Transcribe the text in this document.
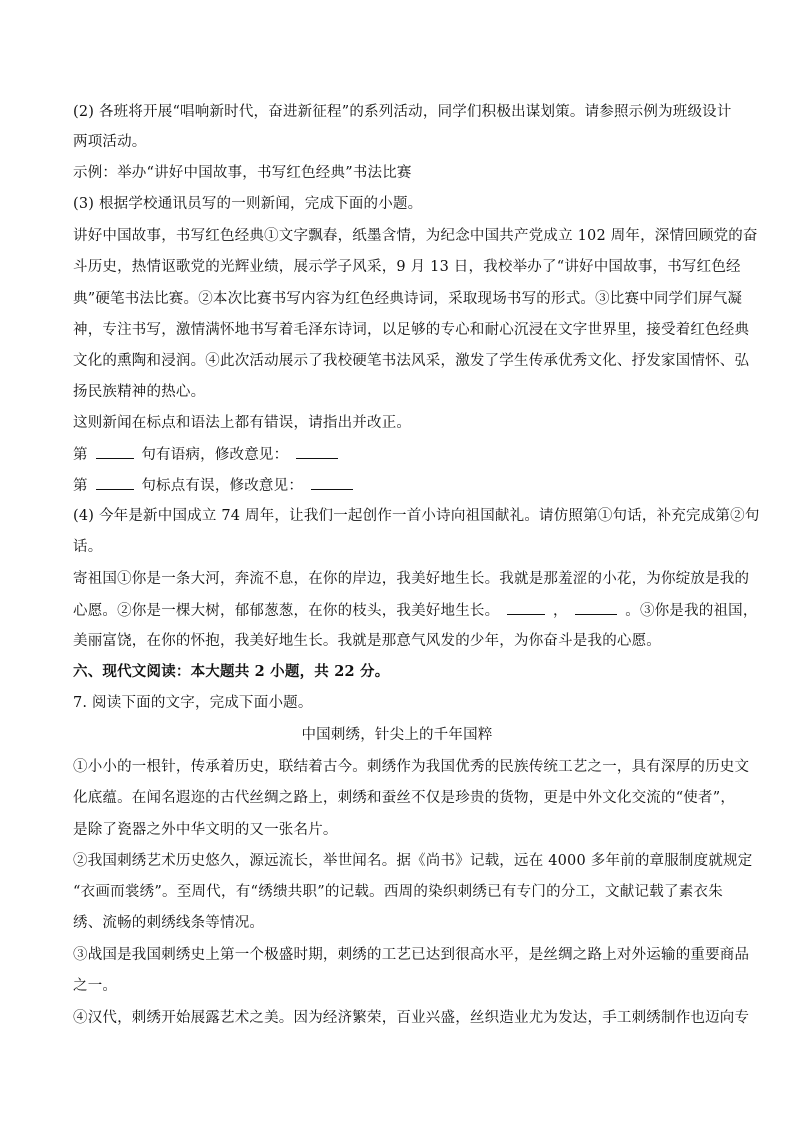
(2) 各班将开展“唱响新时代，奋进新征程”的系列活动，同学们积极出谋划策。请参照示例为班级设计
两项活动。
示例：举办“讲好中国故事，书写红色经典”书法比赛
(3) 根据学校通讯员写的一则新闻，完成下面的小题。
讲好中国故事，书写红色经典①文字飘春，纸墨含情，为纪念中国共产党成立 102 周年，深情回顾党的奋
斗历史，热情讴歌党的光辉业绩，展示学子风采，9 月 13 日，我校举办了“讲好中国故事，书写红色经
典”硬笔书法比赛。②本次比赛书写内容为红色经典诗词，采取现场书写的形式。③比赛中同学们屏气凝
神，专注书写，激情满怀地书写着毛泽东诗词，以足够的专心和耐心沉浸在文字世界里，接受着红色经典
文化的熏陶和浸润。④此次活动展示了我校硬笔书法风采，激发了学生传承优秀文化、抒发家国情怀、弘
扬民族精神的热心。
这则新闻在标点和语法上都有错误，请指出并改正。
第	句有语病，修改意见：
第	句标点有误，修改意见：
(4) 今年是新中国成立 74 周年，让我们一起创作一首小诗向祖国献礼。请仿照第①句话，补充完成第②句
话。
寄祖国①你是一条大河，奔流不息，在你的岸边，我美好地生长。我就是那羞涩的小花，为你绽放是我的
心愿。②你是一棵大树，郁郁葱葱，在你的枝头，我美好地生长。	，	。③你是我的祖国，
美丽富饶，在你的怀抱，我美好地生长。我就是那意气风发的少年，为你奋斗是我的心愿。
六、现代文阅读：本大题共 2 小题，共 22 分。
7. 阅读下面的文字，完成下面小题。
中国刺绣，针尖上的千年国粹
①小小的一根针，传承着历史，联结着古今。刺绣作为我国优秀的民族传统工艺之一，具有深厚的历史文
化底蕴。在闻名遐迩的古代丝绸之路上，刺绣和蚕丝不仅是珍贵的货物，更是中外文化交流的“使者”，
是除了瓷器之外中华文明的又一张名片。
②我国刺绣艺术历史悠久，源远流长，举世闻名。据《尚书》记载，远在 4000 多年前的章服制度就规定
“衣画而裳绣”。至周代，有“绣缋共职”的记载。西周的染织刺绣已有专门的分工，文献记载了素衣朱
绣、流畅的刺绣线条等情况。
③战国是我国刺绣史上第一个极盛时期，刺绣的工艺已达到很高水平，是丝绸之路上对外运输的重要商品
之一。
④汉代，刺绣开始展露艺术之美。因为经济繁荣，百业兴盛，丝织造业尤为发达，手工刺绣制作也迈向专
